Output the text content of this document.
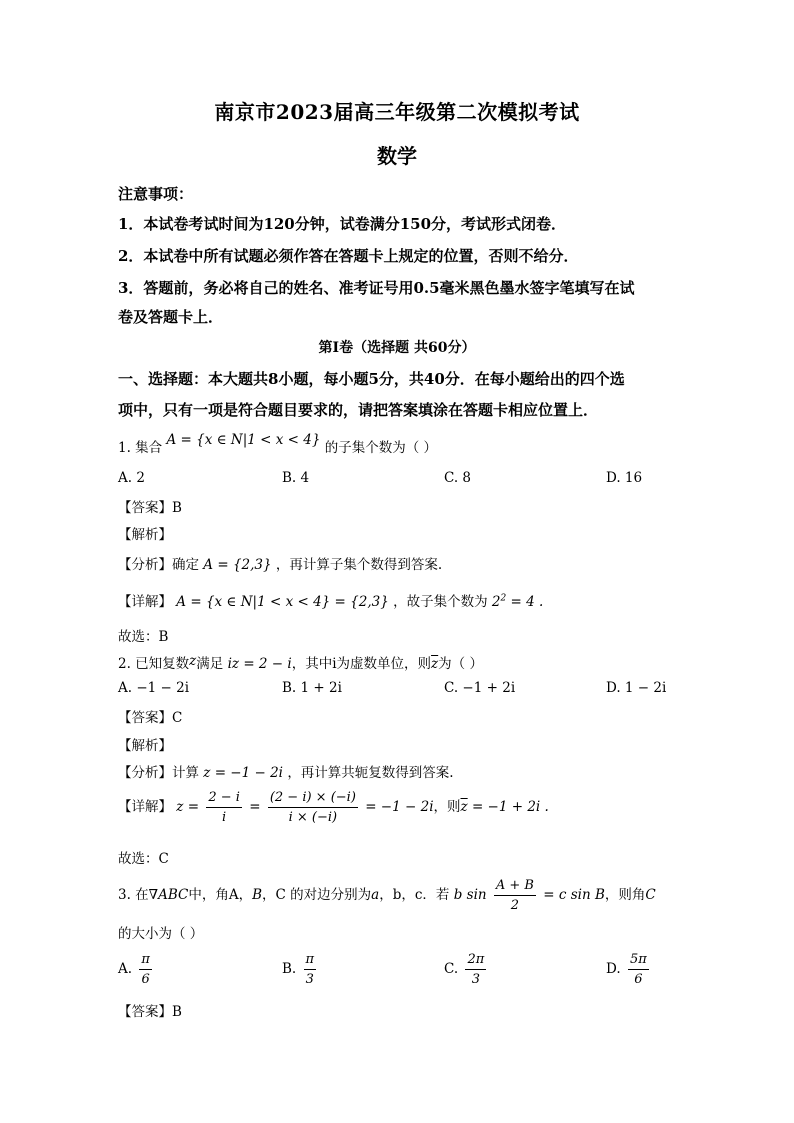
南京市2023届高三年级第二次模拟考试
数学
注意事项：
1．本试卷考试时间为120分钟，试卷满分150分，考试形式闭卷．
2．本试卷中所有试题必须作答在答题卡上规定的位置，否则不给分．
3．答题前，务必将自己的姓名、准考证号用0.5毫米黑色墨水签字笔填写在试
卷及答题卡上．
第Ⅰ卷（选择题 共60分）
一、选择题：本大题共8小题，每小题5分，共40分．在每小题给出的四个选
项中，只有一项是符合题目要求的，请把答案填涂在答题卡相应位置上．
1. 集合 A = {x ∈ N|1 < x < 4} 的子集个数为（ ）
A. 2	B. 4	C. 8	D. 16
【答案】B
【解析】
【分析】确定 A = {2,3} ，再计算子集个数得到答案.
【详解】 A = {x ∈ N|1 < x < 4} = {2,3} ，故子集个数为 $2^2 = 4$ .
故选：B
2. 已知复数z满足 iz = 2 − i，其中i为虚数单位，则$\overline{z}$为（ ）
A. −1 − 2i	B. 1 + 2i	C. −1 + 2i	D. 1 − 2i
【答案】C
【解析】
【分析】计算 z = −1 − 2i ，再计算共轭复数得到答案.
【详解】 $z = \frac{2 - i}{i} = \frac{(2 - i) \times (-i)}{i \times (-i)} = -1 - 2i$，则$\overline{z} = -1 + 2i$ .
故选：C
3. 在∇ABC中，角A，B，C 的对边分别为a，b，c．若 b $\sin \frac{A + B}{2} = c$ sin B，则角C
的大小为（ ）
A. $\frac{\pi}{6}$	B. $\frac{\pi}{3}$	C. $\frac{2\pi}{3}$	D. $\frac{5\pi}{6}$
【答案】B
